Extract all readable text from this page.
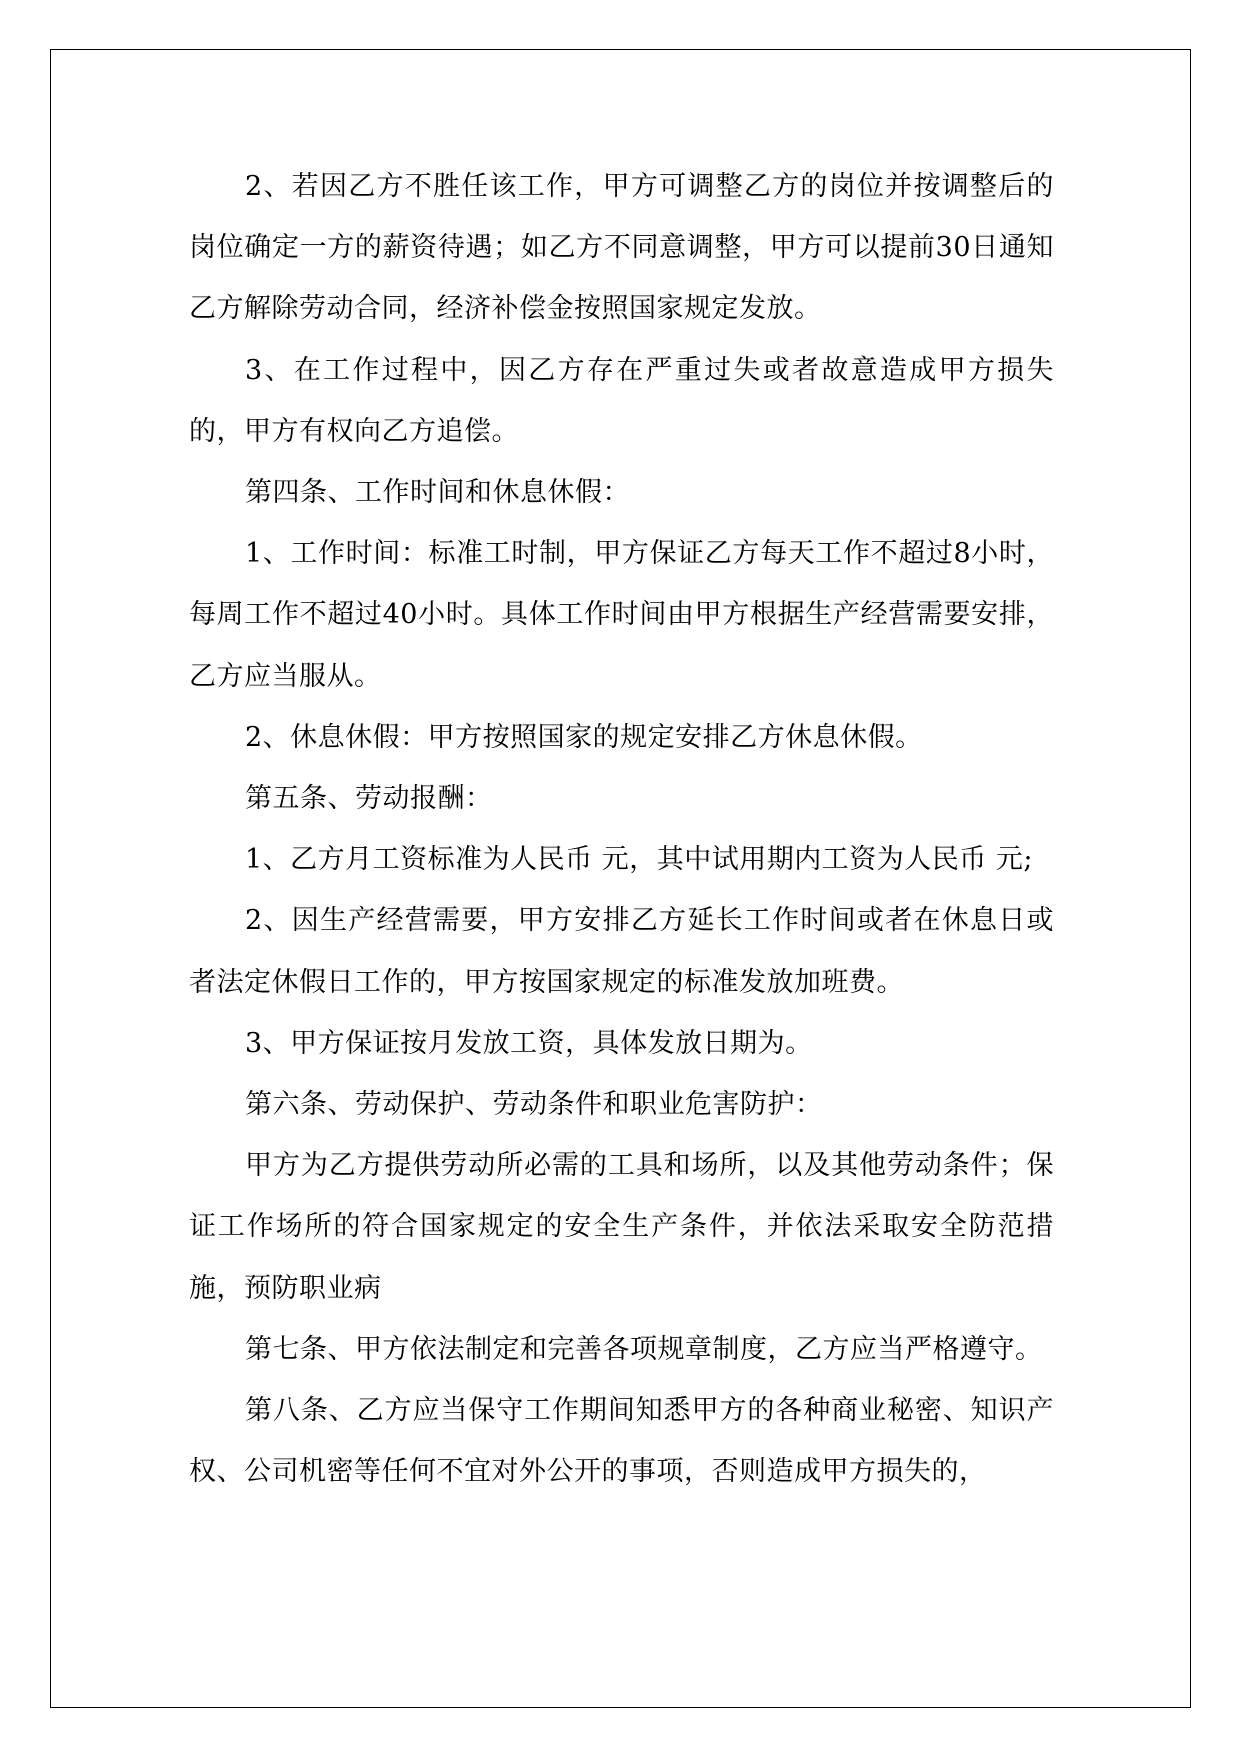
2、若因乙方不胜任该工作，甲方可调整乙方的岗位并按调整后的岗位确定一方的薪资待遇；如乙方不同意调整，甲方可以提前30日通知乙方解除劳动合同，经济补偿金按照国家规定发放。

3、在工作过程中，因乙方存在严重过失或者故意造成甲方损失的，甲方有权向乙方追偿。

第四条、工作时间和休息休假：

1、工作时间：标准工时制，甲方保证乙方每天工作不超过8小时，每周工作不超过40小时。具体工作时间由甲方根据生产经营需要安排，乙方应当服从。

2、休息休假：甲方按照国家的规定安排乙方休息休假。

第五条、劳动报酬：

1、乙方月工资标准为人民币 元，其中试用期内工资为人民币 元;

2、因生产经营需要，甲方安排乙方延长工作时间或者在休息日或者法定休假日工作的，甲方按国家规定的标准发放加班费。

3、甲方保证按月发放工资，具体发放日期为。

第六条、劳动保护、劳动条件和职业危害防护：

甲方为乙方提供劳动所必需的工具和场所，以及其他劳动条件；保证工作场所的符合国家规定的安全生产条件，并依法采取安全防范措施，预防职业病

第七条、甲方依法制定和完善各项规章制度，乙方应当严格遵守。

第八条、乙方应当保守工作期间知悉甲方的各种商业秘密、知识产权、公司机密等任何不宜对外公开的事项，否则造成甲方损失的，
